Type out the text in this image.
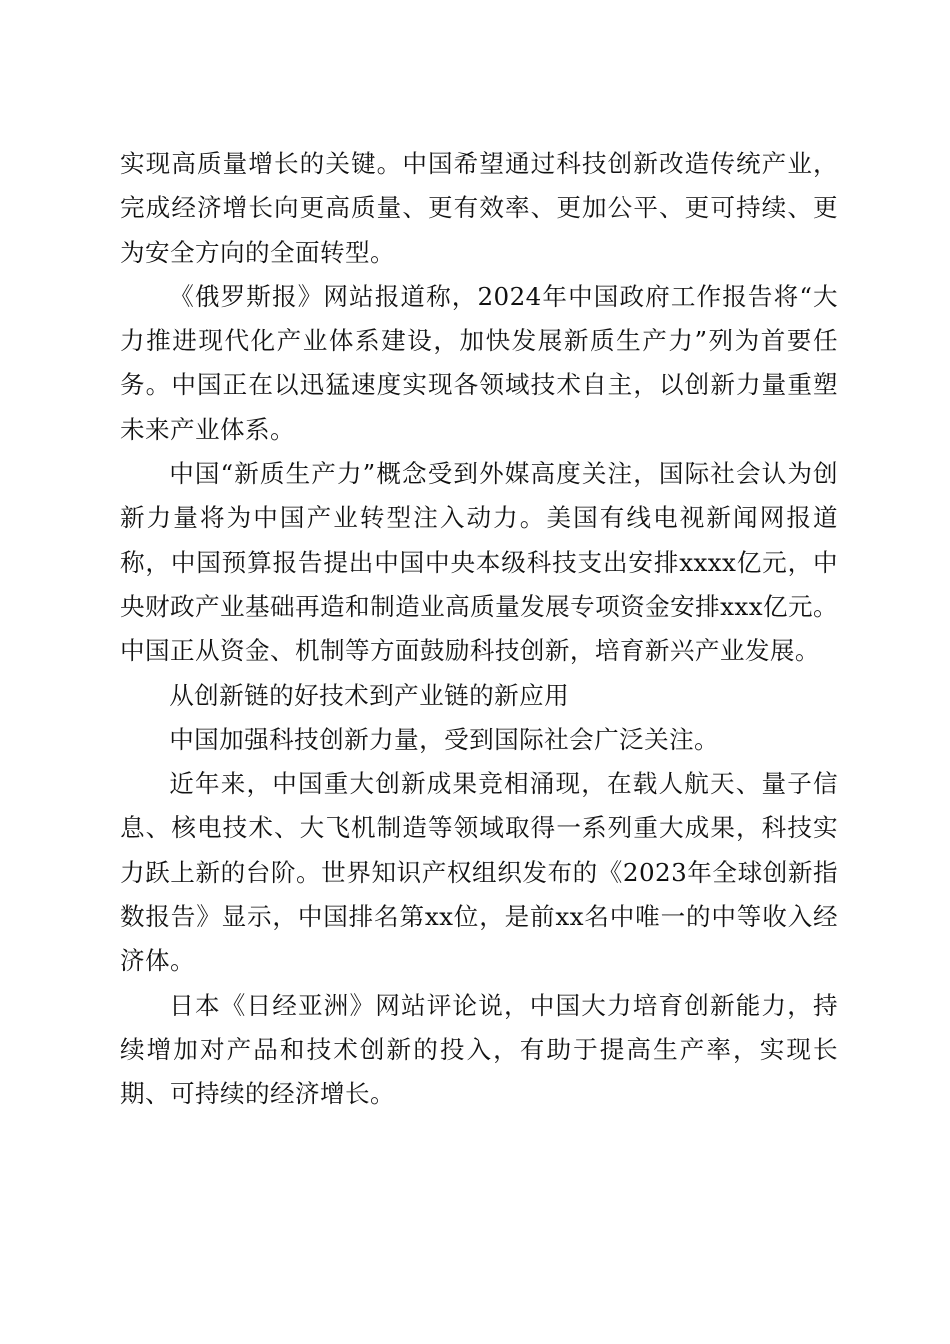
实现高质量增长的关键。中国希望通过科技创新改造传统产业，完成经济增长向更高质量、更有效率、更加公平、更可持续、更为安全方向的全面转型。

《俄罗斯报》网站报道称，2024年中国政府工作报告将“大力推进现代化产业体系建设，加快发展新质生产力”列为首要任务。中国正在以迅猛速度实现各领域技术自主，以创新力量重塑未来产业体系。

中国“新质生产力”概念受到外媒高度关注，国际社会认为创新力量将为中国产业转型注入动力。美国有线电视新闻网报道称，中国预算报告提出中国中央本级科技支出安排xxxx亿元，中央财政产业基础再造和制造业高质量发展专项资金安排xxx亿元。中国正从资金、机制等方面鼓励科技创新，培育新兴产业发展。

从创新链的好技术到产业链的新应用

中国加强科技创新力量，受到国际社会广泛关注。

近年来，中国重大创新成果竞相涌现，在载人航天、量子信息、核电技术、大飞机制造等领域取得一系列重大成果，科技实力跃上新的台阶。世界知识产权组织发布的《2023年全球创新指数报告》显示，中国排名第xx位，是前xx名中唯一的中等收入经济体。

日本《日经亚洲》网站评论说，中国大力培育创新能力，持续增加对产品和技术创新的投入，有助于提高生产率，实现长期、可持续的经济增长。
